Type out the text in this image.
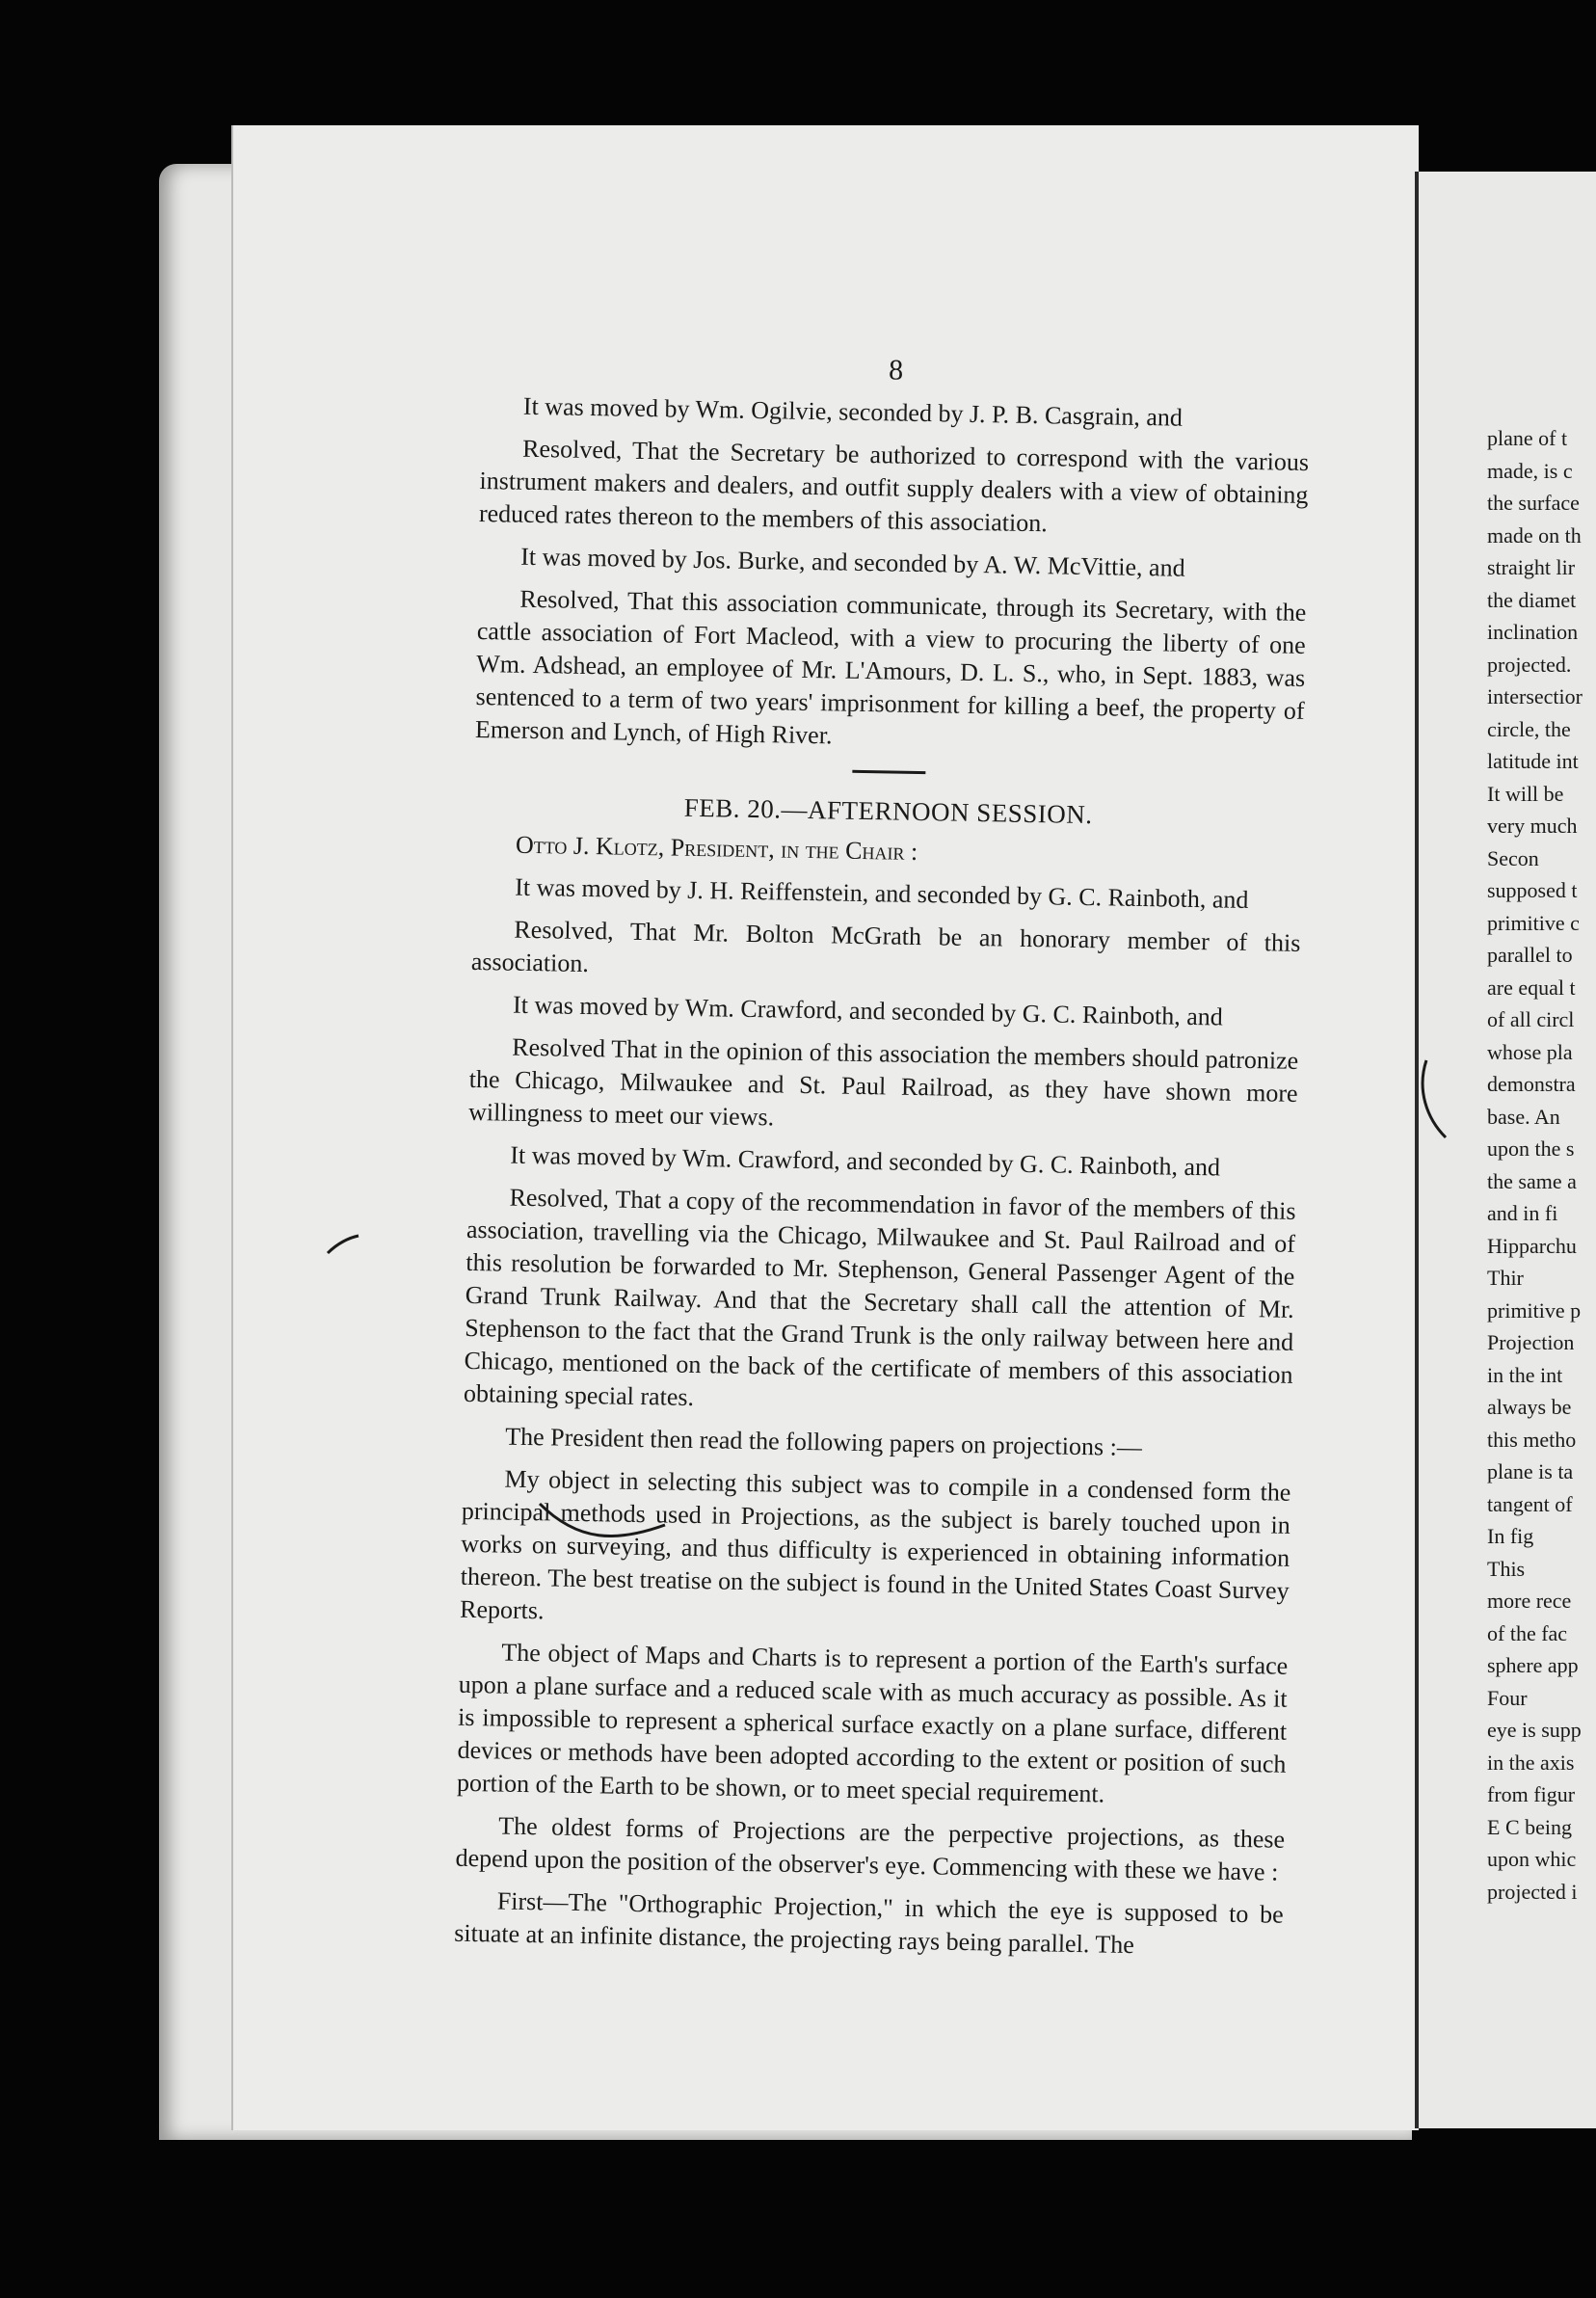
8

It was moved by Wm. Ogilvie, seconded by J. P. B. Casgrain, and

Resolved, That the Secretary be authorized to correspond with the various instrument makers and dealers, and outfit supply dealers with a view of obtaining reduced rates thereon to the members of this association.

It was moved by Jos. Burke, and seconded by A. W. McVittie, and

Resolved, That this association communicate, through its Secretary, with the cattle association of Fort Macleod, with a view to procuring the liberty of one Wm. Adshead, an employee of Mr. L'Amours, D. L. S., who, in Sept. 1883, was sentenced to a term of two years' imprisonment for killing a beef, the property of Emerson and Lynch, of High River.

FEB. 20.—AFTERNOON SESSION.

Otto J. Klotz, President, in the Chair :

It was moved by J. H. Reiffenstein, and seconded by G. C. Rainboth, and

Resolved, That Mr. Bolton McGrath be an honorary member of this association.

It was moved by Wm. Crawford, and seconded by G. C. Rainboth, and

Resolved That in the opinion of this association the members should patronize the Chicago, Milwaukee and St. Paul Railroad, as they have shown more willingness to meet our views.

It was moved by Wm. Crawford, and seconded by G. C. Rainboth, and

Resolved, That a copy of the recommendation in favor of the members of this association, travelling via the Chicago, Milwaukee and St. Paul Railroad and of this resolution be forwarded to Mr. Stephenson, General Passenger Agent of the Grand Trunk Railway. And that the Secretary shall call the attention of Mr. Stephenson to the fact that the Grand Trunk is the only railway between here and Chicago, mentioned on the back of the certificate of members of this association obtaining special rates.

The President then read the following papers on projections :—

My object in selecting this subject was to compile in a condensed form the principal methods used in Projections, as the subject is barely touched upon in works on surveying, and thus difficulty is experienced in obtaining information thereon. The best treatise on the subject is found in the United States Coast Survey Reports.

The object of Maps and Charts is to represent a portion of the Earth's surface upon a plane surface and a reduced scale with as much accuracy as possible. As it is impossible to represent a spherical surface exactly on a plane surface, different devices or methods have been adopted according to the extent or position of such portion of the Earth to be shown, or to meet special requirement.

The oldest forms of Projections are the perpective projections, as these depend upon the position of the observer's eye. Commencing with these we have :

First—The "Orthographic Projection," in which the eye is supposed to be situate at an infinite distance, the projecting rays being parallel. The

plane of t
made, is c
the surface
made on th
straight lir
the diamet
inclination
projected.
intersectior
circle, the
latitude int
It will be
very much
Secon
supposed t
primitive c
parallel to
are equal t
of all circl
whose pla
demonstra
base. An
upon the s
the same a
and in fi
Hipparchu
Thir
primitive p
Projection
in the int
always be
this metho
plane is ta
tangent of
In fig
This
more rece
of the fac
sphere app
Four
eye is supp
in the axis
from figur
E C being
upon whic
projected i
